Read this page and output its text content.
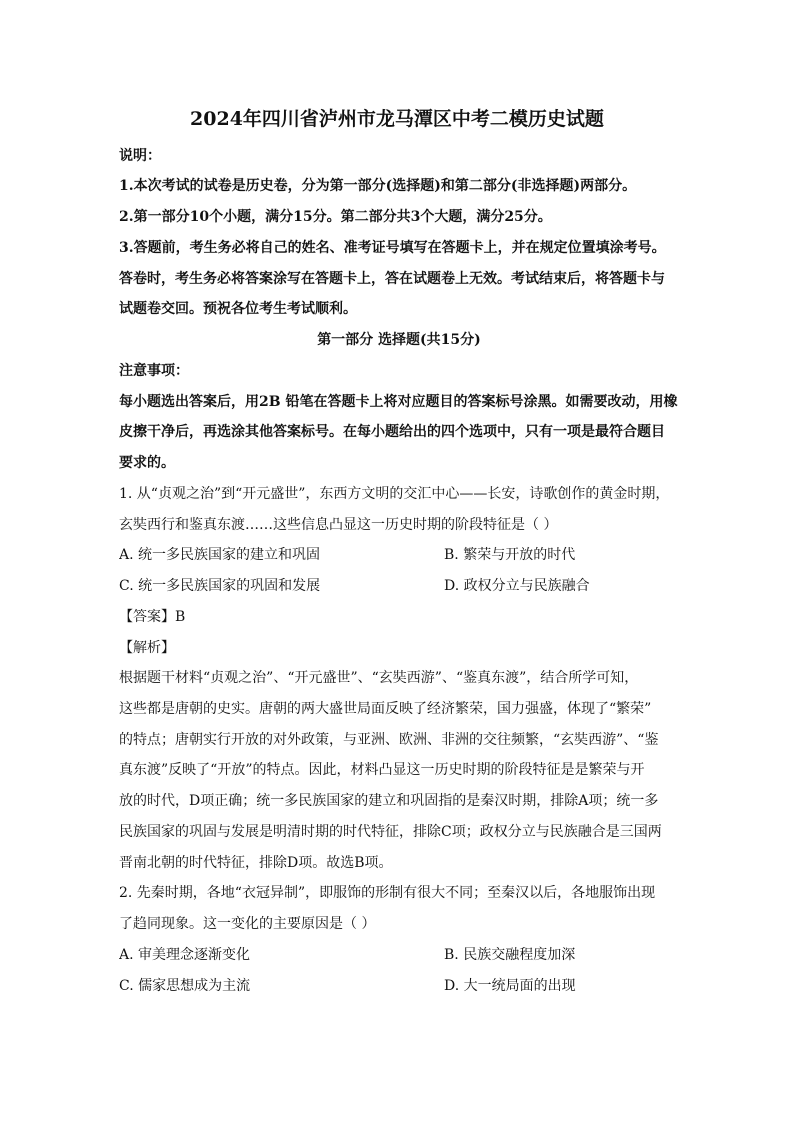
2024年四川省泸州市龙马潭区中考二模历史试题
说明：
1.本次考试的试卷是历史卷，分为第一部分(选择题)和第二部分(非选择题)两部分。
2.第一部分10个小题，满分15分。第二部分共3个大题，满分25分。
3.答题前，考生务必将自己的姓名、准考证号填写在答题卡上，并在规定位置填涂考号。
答卷时，考生务必将答案涂写在答题卡上，答在试题卷上无效。考试结束后，将答题卡与
试题卷交回。预祝各位考生考试顺利。
第一部分 选择题(共15分)
注意事项：
每小题选出答案后，用2B 铅笔在答题卡上将对应题目的答案标号涂黑。如需要改动，用橡
皮擦干净后，再选涂其他答案标号。在每小题给出的四个选项中，只有一项是最符合题目
要求的。
1. 从“贞观之治”到“开元盛世”，东西方文明的交汇中心——长安，诗歌创作的黄金时期，
玄奘西行和鉴真东渡……这些信息凸显这一历史时期的阶段特征是（ ）
A. 统一多民族国家的建立和巩固	B. 繁荣与开放的时代
C. 统一多民族国家的巩固和发展	D. 政权分立与民族融合
【答案】B
【解析】
根据题干材料“贞观之治”、“开元盛世”、“玄奘西游”、“鉴真东渡”，结合所学可知，
这些都是唐朝的史实。唐朝的两大盛世局面反映了经济繁荣，国力强盛，体现了“繁荣”
的特点；唐朝实行开放的对外政策，与亚洲、欧洲、非洲的交往频繁，“玄奘西游”、“鉴
真东渡”反映了“开放”的特点。因此，材料凸显这一历史时期的阶段特征是是繁荣与开
放的时代，D项正确；统一多民族国家的建立和巩固指的是秦汉时期，排除A项；统一多
民族国家的巩固与发展是明清时期的时代特征，排除C项；政权分立与民族融合是三国两
晋南北朝的时代特征，排除D项。故选B项。
2. 先秦时期，各地“衣冠异制”，即服饰的形制有很大不同；至秦汉以后，各地服饰出现
了趋同现象。这一变化的主要原因是（ ）
A. 审美理念逐渐变化	B. 民族交融程度加深
C. 儒家思想成为主流	D. 大一统局面的出现
